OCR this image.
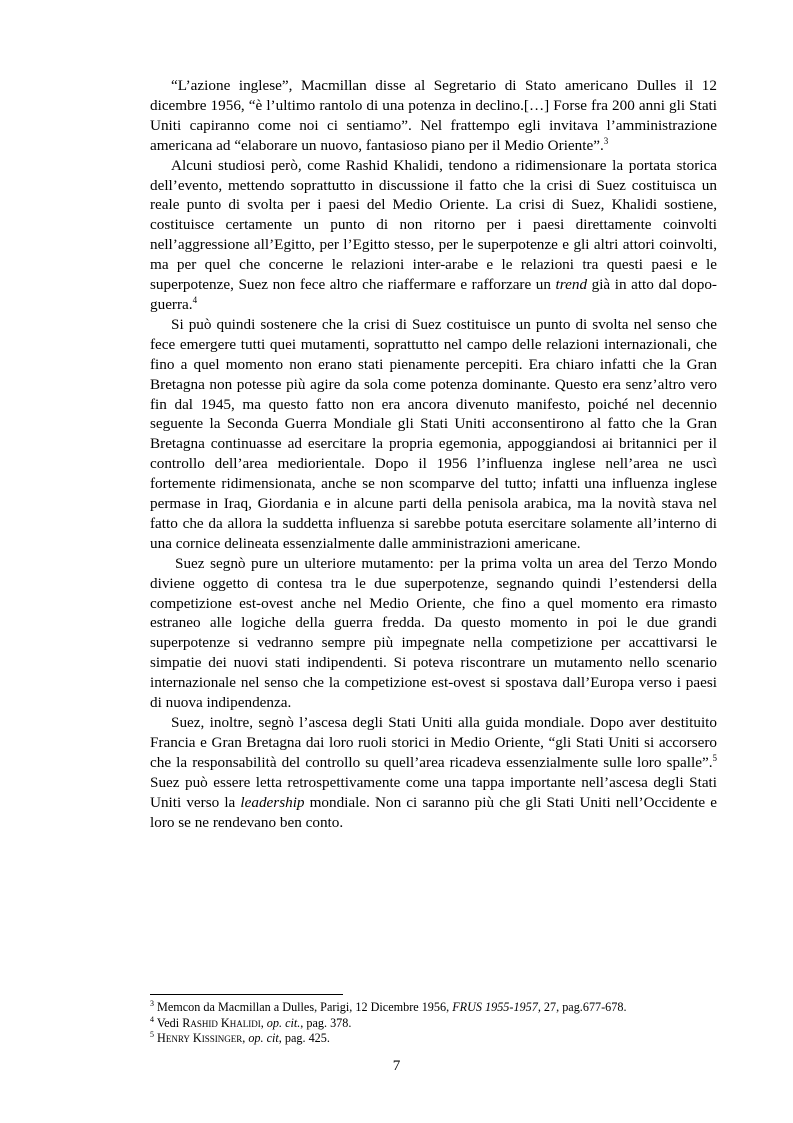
“L’azione inglese”, Macmillan disse al Segretario di Stato americano Dulles il 12 dicembre 1956, “è l’ultimo rantolo di una potenza in declino.[…] Forse fra 200 anni gli Stati Uniti capiranno come noi ci sentiamo”. Nel frattempo egli invitava l’amministrazione americana ad “elaborare un nuovo, fantasioso piano per il Medio Oriente”.$^3$

Alcuni studiosi però, come Rashid Khalidi, tendono a ridimensionare la portata storica dell’evento, mettendo soprattutto in discussione il fatto che la crisi di Suez costituisca un reale punto di svolta per i paesi del Medio Oriente. La crisi di Suez, Khalidi sostiene, costituisce certamente un punto di non ritorno per i paesi direttamente coinvolti nell’aggressione all’Egitto, per l’Egitto stesso, per le superpotenze e gli altri attori coinvolti, ma per quel che concerne le relazioni inter-arabe e le relazioni tra questi paesi e le superpotenze, Suez non fece altro che riaffermare e rafforzare un trend già in atto dal dopo-guerra.$^4$

Si può quindi sostenere che la crisi di Suez costituisce un punto di svolta nel senso che fece emergere tutti quei mutamenti, soprattutto nel campo delle relazioni internazionali, che fino a quel momento non erano stati pienamente percepiti. Era chiaro infatti che la Gran Bretagna non potesse più agire da sola come potenza dominante. Questo era senz’altro vero fin dal 1945, ma questo fatto non era ancora divenuto manifesto, poiché nel decennio seguente la Seconda Guerra Mondiale gli Stati Uniti acconsentirono al fatto che la Gran Bretagna continuasse ad esercitare la propria egemonia, appoggiandosi ai britannici per il controllo dell’area mediorientale. Dopo il 1956 l’influenza inglese nell’area ne uscì fortemente ridimensionata, anche se non scomparve del tutto; infatti una influenza inglese permase in Iraq, Giordania e in alcune parti della penisola arabica, ma la novità stava nel fatto che da allora la suddetta influenza si sarebbe potuta esercitare solamente all’interno di una cornice delineata essenzialmente dalle amministrazioni americane.

Suez segnò pure un ulteriore mutamento: per la prima volta un area del Terzo Mondo diviene oggetto di contesa tra le due superpotenze, segnando quindi l’estendersi della competizione est-ovest anche nel Medio Oriente, che fino a quel momento era rimasto estraneo alle logiche della guerra fredda. Da questo momento in poi le due grandi superpotenze si vedranno sempre più impegnate nella competizione per accattivarsi le simpatie dei nuovi stati indipendenti. Si poteva riscontrare un mutamento nello scenario internazionale nel senso che la competizione est-ovest si spostava dall’Europa verso i paesi di nuova indipendenza.

Suez, inoltre, segnò l’ascesa degli Stati Uniti alla guida mondiale. Dopo aver destituito Francia e Gran Bretagna dai loro ruoli storici in Medio Oriente, “gli Stati Uniti si accorsero che la responsabilità del controllo su quell’area ricadeva essenzialmente sulle loro spalle”.$^5$ Suez può essere letta retrospettivamente come una tappa importante nell’ascesa degli Stati Uniti verso la leadership mondiale. Non ci saranno più che gli Stati Uniti nell’Occidente e loro se ne rendevano ben conto.

$^3$ Memcon da Macmillan a Dulles, Parigi, 12 Dicembre 1956, FRUS 1955-1957, 27, pag.677-678.
$^4$ Vedi Rashid Khalidi, op. cit., pag. 378.
$^5$ Henry Kissinger, op. cit, pag. 425.
7
